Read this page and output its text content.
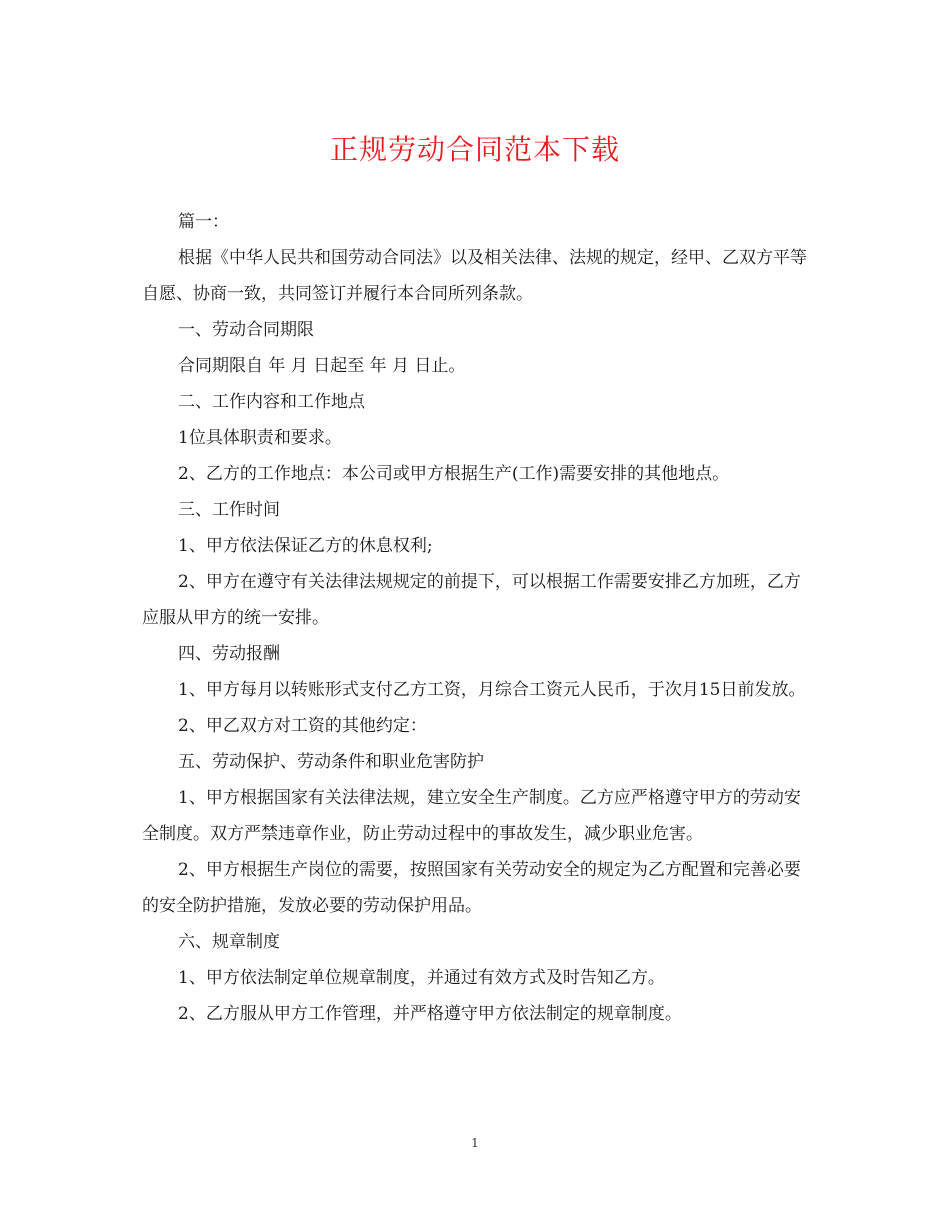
正规劳动合同范本下载

篇一：

根据《中华人民共和国劳动合同法》以及相关法律、法规的规定，经甲、乙双方平等自愿、协商一致，共同签订并履行本合同所列条款。

一、劳动合同期限

合同期限自 年 月 日起至 年 月 日止。

二、工作内容和工作地点

1位具体职责和要求。

2、乙方的工作地点：本公司或甲方根据生产(工作)需要安排的其他地点。

三、工作时间

1、甲方依法保证乙方的休息权利;

2、甲方在遵守有关法律法规规定的前提下，可以根据工作需要安排乙方加班，乙方应服从甲方的统一安排。

四、劳动报酬

1、甲方每月以转账形式支付乙方工资，月综合工资元人民币，于次月15日前发放。

2、甲乙双方对工资的其他约定：

五、劳动保护、劳动条件和职业危害防护

1、甲方根据国家有关法律法规，建立安全生产制度。乙方应严格遵守甲方的劳动安全制度。双方严禁违章作业，防止劳动过程中的事故发生，减少职业危害。

2、甲方根据生产岗位的需要，按照国家有关劳动安全的规定为乙方配置和完善必要的安全防护措施，发放必要的劳动保护用品。

六、规章制度

1、甲方依法制定单位规章制度，并通过有效方式及时告知乙方。

2、乙方服从甲方工作管理，并严格遵守甲方依法制定的规章制度。

1
